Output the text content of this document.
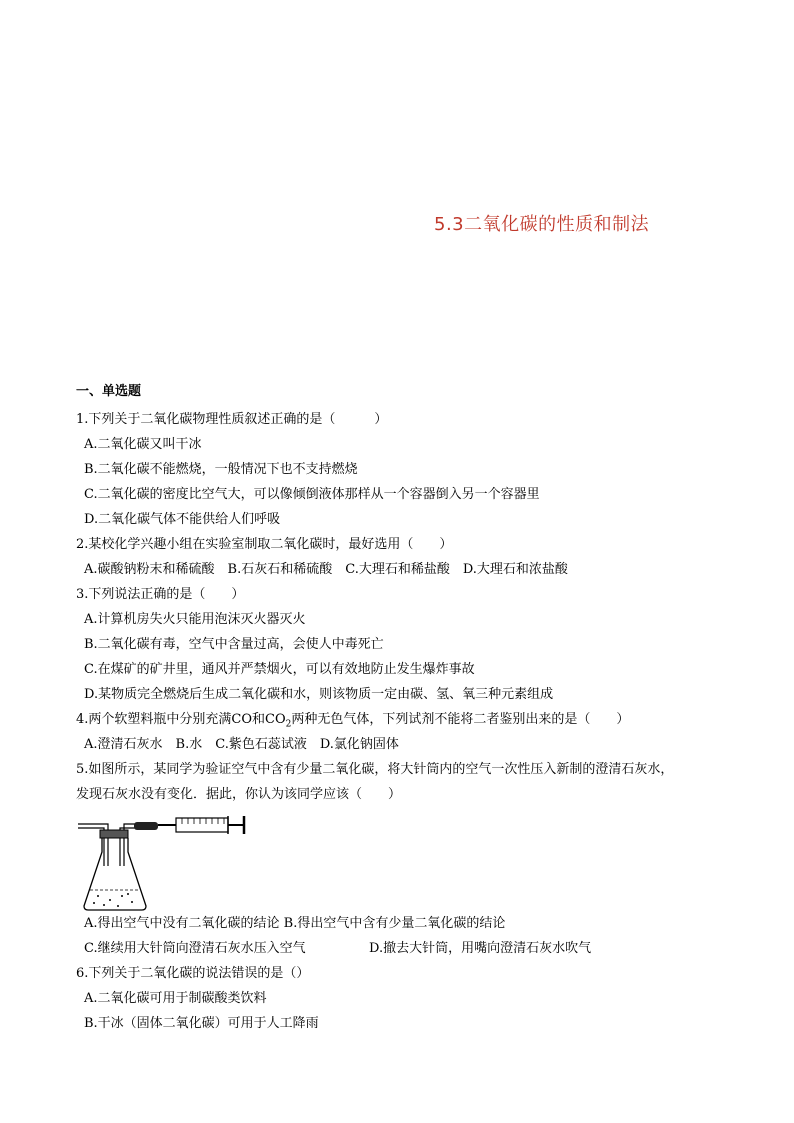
5.3二氧化碳的性质和制法
一、单选题
1.下列关于二氧化碳物理性质叙述正确的是（　　　）
A.二氧化碳又叫干冰
B.二氧化碳不能燃烧，一般情况下也不支持燃烧
C.二氧化碳的密度比空气大，可以像倾倒液体那样从一个容器倒入另一个容器里
D.二氧化碳气体不能供给人们呼吸
2.某校化学兴趣小组在实验室制取二氧化碳时，最好选用（　　）
A.碳酸钠粉末和稀硫酸　B.石灰石和稀硫酸　C.大理石和稀盐酸　D.大理石和浓盐酸
3.下列说法正确的是（　　）
A.计算机房失火只能用泡沫灭火器灭火
B.二氧化碳有毒，空气中含量过高，会使人中毒死亡
C.在煤矿的矿井里，通风并严禁烟火，可以有效地防止发生爆炸事故
D.某物质完全燃烧后生成二氧化碳和水，则该物质一定由碳、氢、氧三种元素组成
4.两个软塑料瓶中分别充满CO和$CO_2$两种无色气体，下列试剂不能将二者鉴别出来的是（　　）
A.澄清石灰水　B.水　C.紫色石蕊试液　D.氯化钠固体
5.如图所示，某同学为验证空气中含有少量二氧化碳，将大针筒内的空气一次性压入新制的澄清石灰水，
发现石灰水没有变化．据此，你认为该同学应该（　　）
A.得出空气中没有二氧化碳的结论 B.得出空气中含有少量二氧化碳的结论
C.继续用大针筒向澄清石灰水压入空气	D.撤去大针筒，用嘴向澄清石灰水吹气
6.下列关于二氧化碳的说法错误的是（）
A.二氧化碳可用于制碳酸类饮料
B.干冰（固体二氧化碳）可用于人工降雨
